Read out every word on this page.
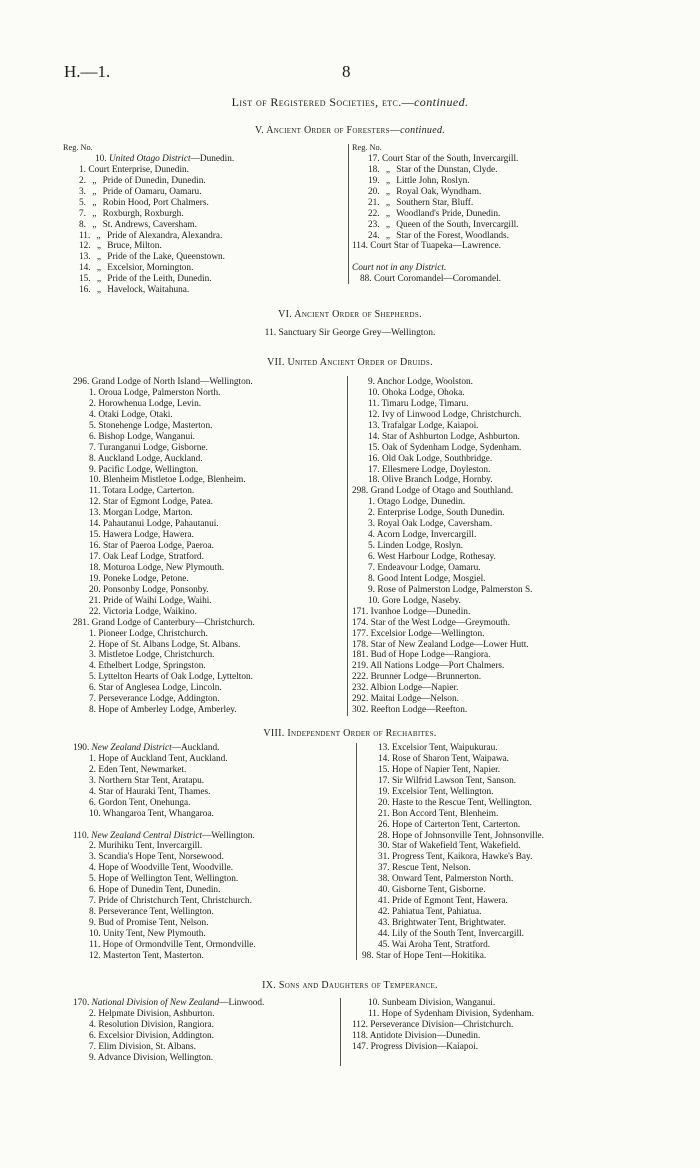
H.—1.	8
List of Registered Societies, etc.—continued.
V. Ancient Order of Foresters—continued.
Reg. No.
10. United Otago District—Dunedin.
1. Court Enterprise, Dunedin.
2. „ Pride of Dunedin, Dunedin.
3. „ Pride of Oamaru, Oamaru.
5. „ Robin Hood, Port Chalmers.
7. „ Roxburgh, Roxburgh.
8. „ St. Andrews, Caversham.
11. „ Pride of Alexandra, Alexandra.
12. „ Bruce, Milton.
13. „ Pride of the Lake, Queenstown.
14. „ Excelsior, Mornington.
15. „ Pride of the Leith, Dunedin.
16. „ Havelock, Waitahuna.
Reg. No.
17. Court Star of the South, Invercargill.
18. „ Star of the Dunstan, Clyde.
19. „ Little John, Roslyn.
20. „ Royal Oak, Wyndham.
21. „ Southern Star, Bluff.
22. „ Woodland's Pride, Dunedin.
23. „ Queen of the South, Invercargill.
24. „ Star of the Forest, Woodlands.
114. Court Star of Tuapeka—Lawrence.

Court not in any District.
88. Court Coromandel—Coromandel.
VI. Ancient Order of Shepherds.
11. Sanctuary Sir George Grey—Wellington.
VII. United Ancient Order of Druids.
296. Grand Lodge of North Island—Wellington.
1. Oroua Lodge, Palmerston North.
2. Horowhenua Lodge, Levin.
4. Otaki Lodge, Otaki.
5. Stonehenge Lodge, Masterton.
6. Bishop Lodge, Wanganui.
7. Turanganui Lodge, Gisborne.
8. Auckland Lodge, Auckland.
9. Pacific Lodge, Wellington.
10. Blenheim Mistletoe Lodge, Blenheim.
11. Totara Lodge, Carterton.
12. Star of Egmont Lodge, Patea.
13. Morgan Lodge, Marton.
14. Pahautanui Lodge, Pahautanui.
15. Hawera Lodge, Hawera.
16. Star of Paeroa Lodge, Paeroa.
17. Oak Leaf Lodge, Stratford.
18. Moturoa Lodge, New Plymouth.
19. Poneke Lodge, Petone.
20. Ponsonby Lodge, Ponsonby.
21. Pride of Waihi Lodge, Waihi.
22. Victoria Lodge, Waikino.
281. Grand Lodge of Canterbury—Christchurch.
1. Pioneer Lodge, Christchurch.
2. Hope of St. Albans Lodge, St. Albans.
3. Mistletoe Lodge, Christchurch.
4. Ethelbert Lodge, Springston.
5. Lyttelton Hearts of Oak Lodge, Lyttelton.
6. Star of Anglesea Lodge, Lincoln.
7. Perseverance Lodge, Addington.
8. Hope of Amberley Lodge, Amberley.
9. Anchor Lodge, Woolston.
10. Ohoka Lodge, Ohoka.
11. Timaru Lodge, Timaru.
12. Ivy of Linwood Lodge, Christchurch.
13. Trafalgar Lodge, Kaiapoi.
14. Star of Ashburton Lodge, Ashburton.
15. Oak of Sydenham Lodge, Sydenham.
16. Old Oak Lodge, Southbridge.
17. Ellesmere Lodge, Doyleston.
18. Olive Branch Lodge, Hornby.
298. Grand Lodge of Otago and Southland.
1. Otago Lodge, Dunedin.
2. Enterprise Lodge, South Dunedin.
3. Royal Oak Lodge, Caversham.
4. Acorn Lodge, Invercargill.
5. Linden Lodge, Roslyn.
6. West Harbour Lodge, Rothesay.
7. Endeavour Lodge, Oamaru.
8. Good Intent Lodge, Mosgiel.
9. Rose of Palmerston Lodge, Palmerston S.
10. Gore Lodge, Naseby.
171. Ivanhoe Lodge—Dunedin.
174. Star of the West Lodge—Greymouth.
177. Excelsior Lodge—Wellington.
178. Star of New Zealand Lodge—Lower Hutt.
181. Bud of Hope Lodge—Rangiora.
219. All Nations Lodge—Port Chalmers.
222. Brunner Lodge—Brunnerton.
232. Albion Lodge—Napier.
292. Maitai Lodge—Nelson.
302. Reefton Lodge—Reefton.
VIII. Independent Order of Rechabites.
190. New Zealand District—Auckland.
1. Hope of Auckland Tent, Auckland.
2. Eden Tent, Newmarket.
3. Northern Star Tent, Aratapu.
4. Star of Hauraki Tent, Thames.
6. Gordon Tent, Onehunga.
10. Whangaroa Tent, Whangaroa.

110. New Zealand Central District—Wellington.
2. Murihiku Tent, Invercargill.
3. Scandia's Hope Tent, Norsewood.
4. Hope of Woodville Tent, Woodville.
5. Hope of Wellington Tent, Wellington.
6. Hope of Dunedin Tent, Dunedin.
7. Pride of Christchurch Tent, Christchurch.
8. Perseverance Tent, Wellington.
9. Bud of Promise Tent, Nelson.
10. Unity Tent, New Plymouth.
11. Hope of Ormondville Tent, Ormondville.
12. Masterton Tent, Masterton.
13. Excelsior Tent, Waipukurau.
14. Rose of Sharon Tent, Waipawa.
15. Hope of Napier Tent, Napier.
17. Sir Wilfrid Lawson Tent, Sanson.
19. Excelsior Tent, Wellington.
20. Haste to the Rescue Tent, Wellington.
21. Bon Accord Tent, Blenheim.
26. Hope of Carterton Tent, Carterton.
28. Hope of Johnsonville Tent, Johnsonville.
30. Star of Wakefield Tent, Wakefield.
31. Progress Tent, Kaikora, Hawke's Bay.
37. Rescue Tent, Nelson.
38. Onward Tent, Palmerston North.
40. Gisborne Tent, Gisborne.
41. Pride of Egmont Tent, Hawera.
42. Pahiatua Tent, Pahiatua.
43. Brightwater Tent, Brightwater.
44. Lily of the South Tent, Invercargill.
45. Wai Aroha Tent, Stratford.
98. Star of Hope Tent—Hokitika.
IX. Sons and Daughters of Temperance.
170. National Division of New Zealand—Linwood.
2. Helpmate Division, Ashburton.
4. Resolution Division, Rangiora.
6. Excelsior Division, Addington.
7. Elim Division, St. Albans.
9. Advance Division, Wellington.
10. Sunbeam Division, Wanganui.
11. Hope of Sydenham Division, Sydenham.
112. Perseverance Division—Christchurch.
118. Antidote Division—Dunedin.
147. Progress Division—Kaiapoi.
